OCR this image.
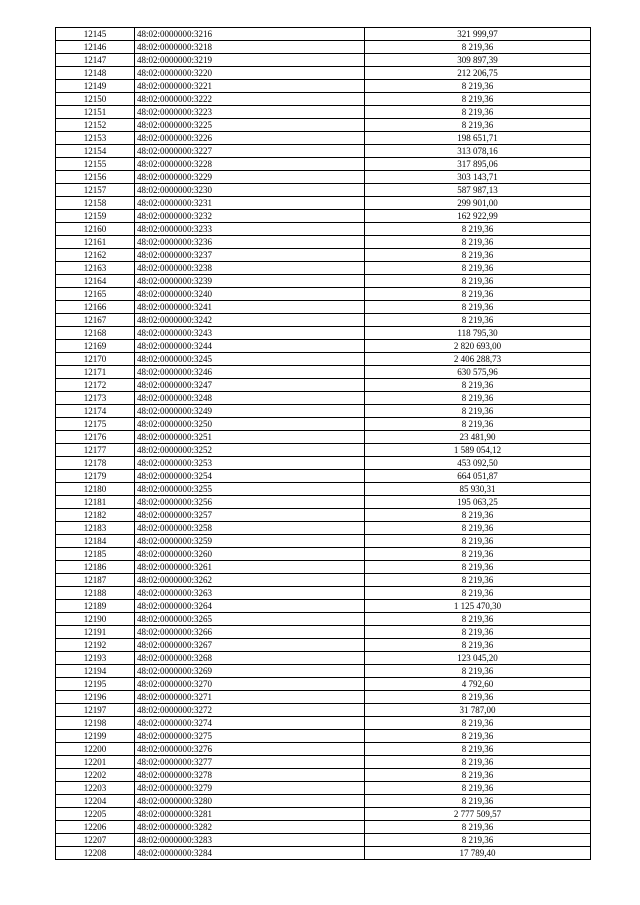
12145	48:02:0000000:3216	321 999,97
12146	48:02:0000000:3218	8 219,36
12147	48:02:0000000:3219	309 897,39
12148	48:02:0000000:3220	212 206,75
12149	48:02:0000000:3221	8 219,36
12150	48:02:0000000:3222	8 219,36
12151	48:02:0000000:3223	8 219,36
12152	48:02:0000000:3225	8 219,36
12153	48:02:0000000:3226	198 651,71
12154	48:02:0000000:3227	313 078,16
12155	48:02:0000000:3228	317 895,06
12156	48:02:0000000:3229	303 143,71
12157	48:02:0000000:3230	587 987,13
12158	48:02:0000000:3231	299 901,00
12159	48:02:0000000:3232	162 922,99
12160	48:02:0000000:3233	8 219,36
12161	48:02:0000000:3236	8 219,36
12162	48:02:0000000:3237	8 219,36
12163	48:02:0000000:3238	8 219,36
12164	48:02:0000000:3239	8 219,36
12165	48:02:0000000:3240	8 219,36
12166	48:02:0000000:3241	8 219,36
12167	48:02:0000000:3242	8 219,36
12168	48:02:0000000:3243	118 795,30
12169	48:02:0000000:3244	2 820 693,00
12170	48:02:0000000:3245	2 406 288,73
12171	48:02:0000000:3246	630 575,96
12172	48:02:0000000:3247	8 219,36
12173	48:02:0000000:3248	8 219,36
12174	48:02:0000000:3249	8 219,36
12175	48:02:0000000:3250	8 219,36
12176	48:02:0000000:3251	23 481,90
12177	48:02:0000000:3252	1 589 054,12
12178	48:02:0000000:3253	453 092,50
12179	48:02:0000000:3254	664 051,87
12180	48:02:0000000:3255	85 930,31
12181	48:02:0000000:3256	195 063,25
12182	48:02:0000000:3257	8 219,36
12183	48:02:0000000:3258	8 219,36
12184	48:02:0000000:3259	8 219,36
12185	48:02:0000000:3260	8 219,36
12186	48:02:0000000:3261	8 219,36
12187	48:02:0000000:3262	8 219,36
12188	48:02:0000000:3263	8 219,36
12189	48:02:0000000:3264	1 125 470,30
12190	48:02:0000000:3265	8 219,36
12191	48:02:0000000:3266	8 219,36
12192	48:02:0000000:3267	8 219,36
12193	48:02:0000000:3268	123 045,20
12194	48:02:0000000:3269	8 219,36
12195	48:02:0000000:3270	4 792,60
12196	48:02:0000000:3271	8 219,36
12197	48:02:0000000:3272	31 787,00
12198	48:02:0000000:3274	8 219,36
12199	48:02:0000000:3275	8 219,36
12200	48:02:0000000:3276	8 219,36
12201	48:02:0000000:3277	8 219,36
12202	48:02:0000000:3278	8 219,36
12203	48:02:0000000:3279	8 219,36
12204	48:02:0000000:3280	8 219,36
12205	48:02:0000000:3281	2 777 509,57
12206	48:02:0000000:3282	8 219,36
12207	48:02:0000000:3283	8 219,36
12208	48:02:0000000:3284	17 789,40
